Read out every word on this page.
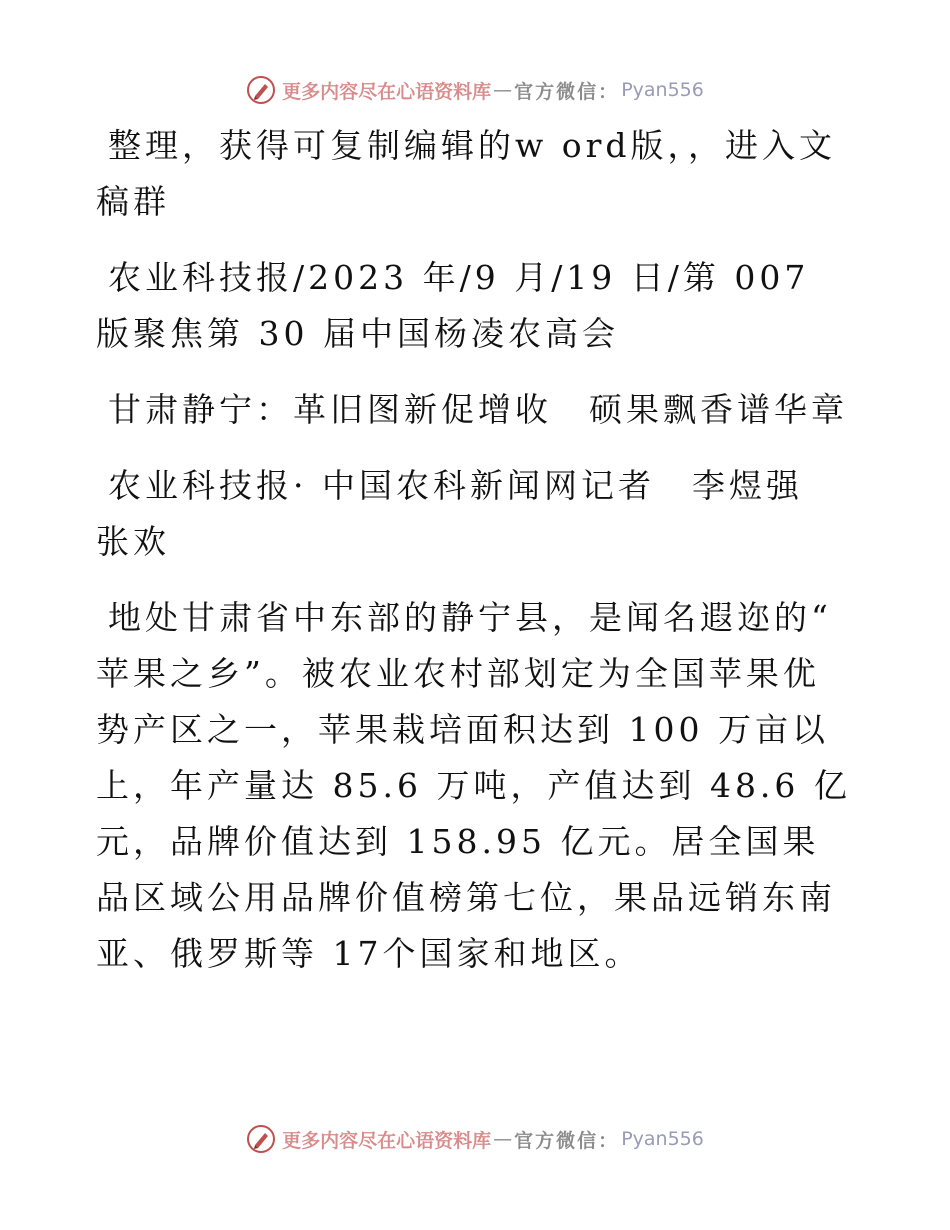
更多内容尽在心语资料库 — 官方微信： Pyan556

整理，获得可复制编辑的w ord版，，进入文稿群

农业科技报/2023 年/9 月/19 日/第 007 版聚焦第 30 届中国杨凌农高会

甘肃静宁：革旧图新促增收　硕果飘香谱华章

农业科技报· 中国农科新闻网记者　李煜强　张欢

地处甘肃省中东部的静宁县，是闻名遐迩的“ 苹果之乡”。被农业农村部划定为全国苹果优势产区之一，苹果栽培面积达到 100 万亩以上，年产量达 85.6 万吨，产值达到 48.6 亿元，品牌价值达到 158.95 亿元。居全国果品区域公用品牌价值榜第七位，果品远销东南亚、俄罗斯等 17个国家和地区。

更多内容尽在心语资料库 — 官方微信： Pyan556
